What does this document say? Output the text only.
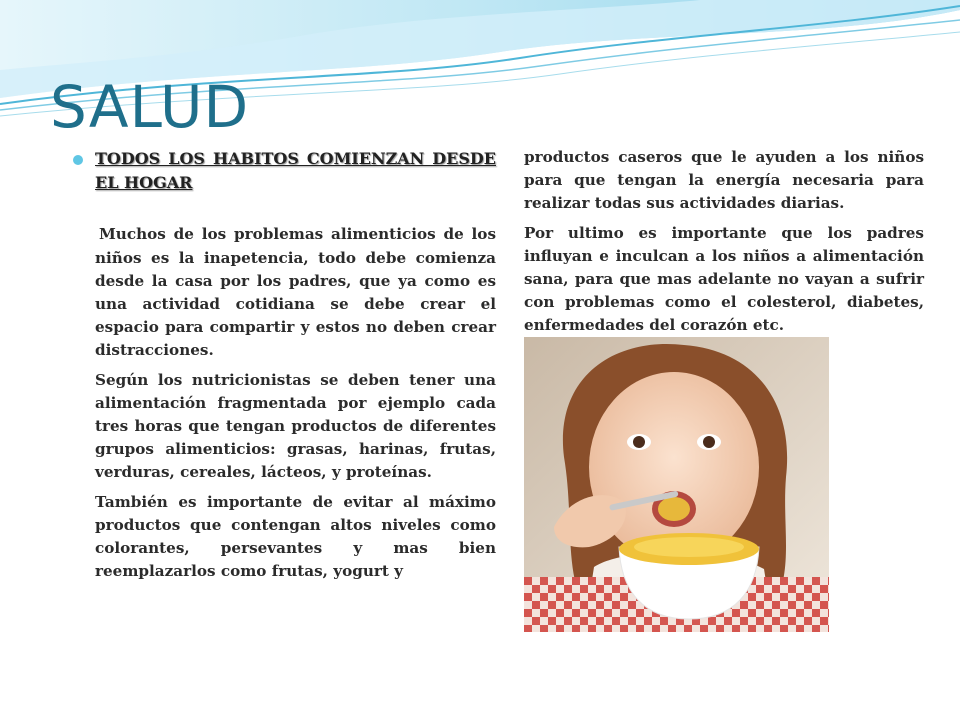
SALUD
TODOS LOS HABITOS COMIENZAN DESDE EL HOGAR

Muchos de los problemas alimenticios de los niños es la inapetencia, todo debe comienza desde la casa por los padres, que ya como es una actividad cotidiana se debe crear el espacio para compartir y estos no deben crear distracciones.

Según los nutricionistas se deben tener una alimentación fragmentada por ejemplo cada tres horas que tengan productos de diferentes grupos alimenticios: grasas, harinas, frutas, verduras, cereales, lácteos, y proteínas.

También es importante de evitar al máximo productos que contengan altos niveles como colorantes, persevantes y mas bien reemplazarlos como frutas, yogurt y

productos caseros que le ayuden a los niños para que tengan la energía necesaria para realizar todas sus actividades diarias.

Por ultimo es importante que los padres influyan e inculcan a los niños a alimentación sana, para que mas adelante no vayan a sufrir con problemas como el colesterol, diabetes, enfermedades del corazón etc.
